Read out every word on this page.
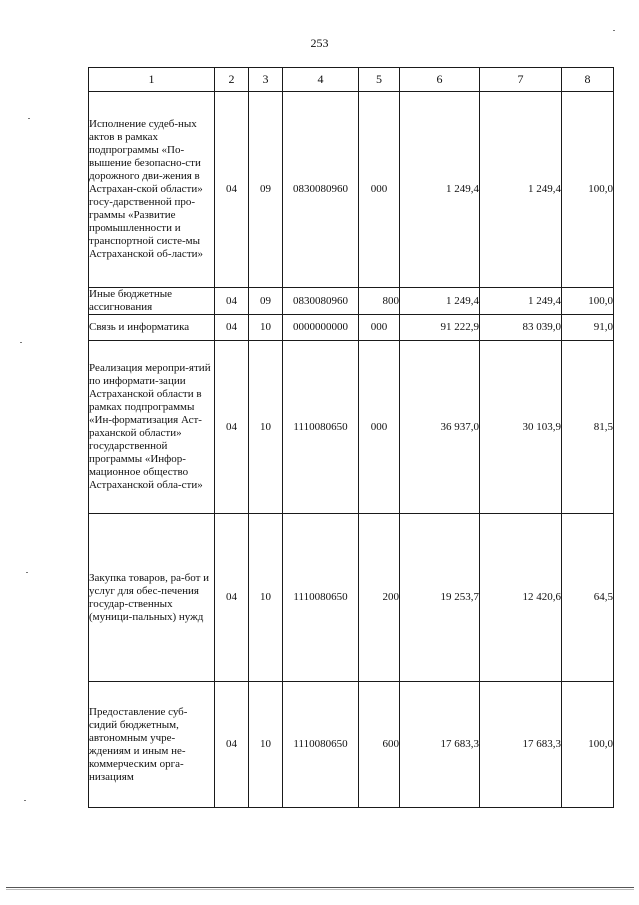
253
1	2	3	4	5	6	7	8
Исполнение судеб-ных актов в рамках подпрограммы «По-вышение безопасно-сти дорожного дви-жения в Астрахан-ской области» госу-дарственной про-граммы «Развитие промышленности и транспортной систе-мы Астраханской об-ласти»	04	09	0830080960	000	1 249,4	1 249,4	100,0
Иные бюджетные ассигнования	04	09	0830080960	800	1 249,4	1 249,4	100,0
Связь и информатика	04	10	0000000000	000	91 222,9	83 039,0	91,0
Реализация меропри-ятий по информати-зации Астраханской области в рамках подпрограммы «Ин-форматизация Аст-раханской области» государственной программы «Инфор-мационное общество Астраханской обла-сти»	04	10	1110080650	000	36 937,0	30 103,9	81,5
Закупка товаров, ра-бот и услуг для обес-печения государ-ственных (муници-пальных) нужд	04	10	1110080650	200	19 253,7	12 420,6	64,5
Предоставление суб-сидий бюджетным, автономным учре-ждениям и иным не-коммерческим орга-низациям	04	10	1110080650	600	17 683,3	17 683,3	100,0
